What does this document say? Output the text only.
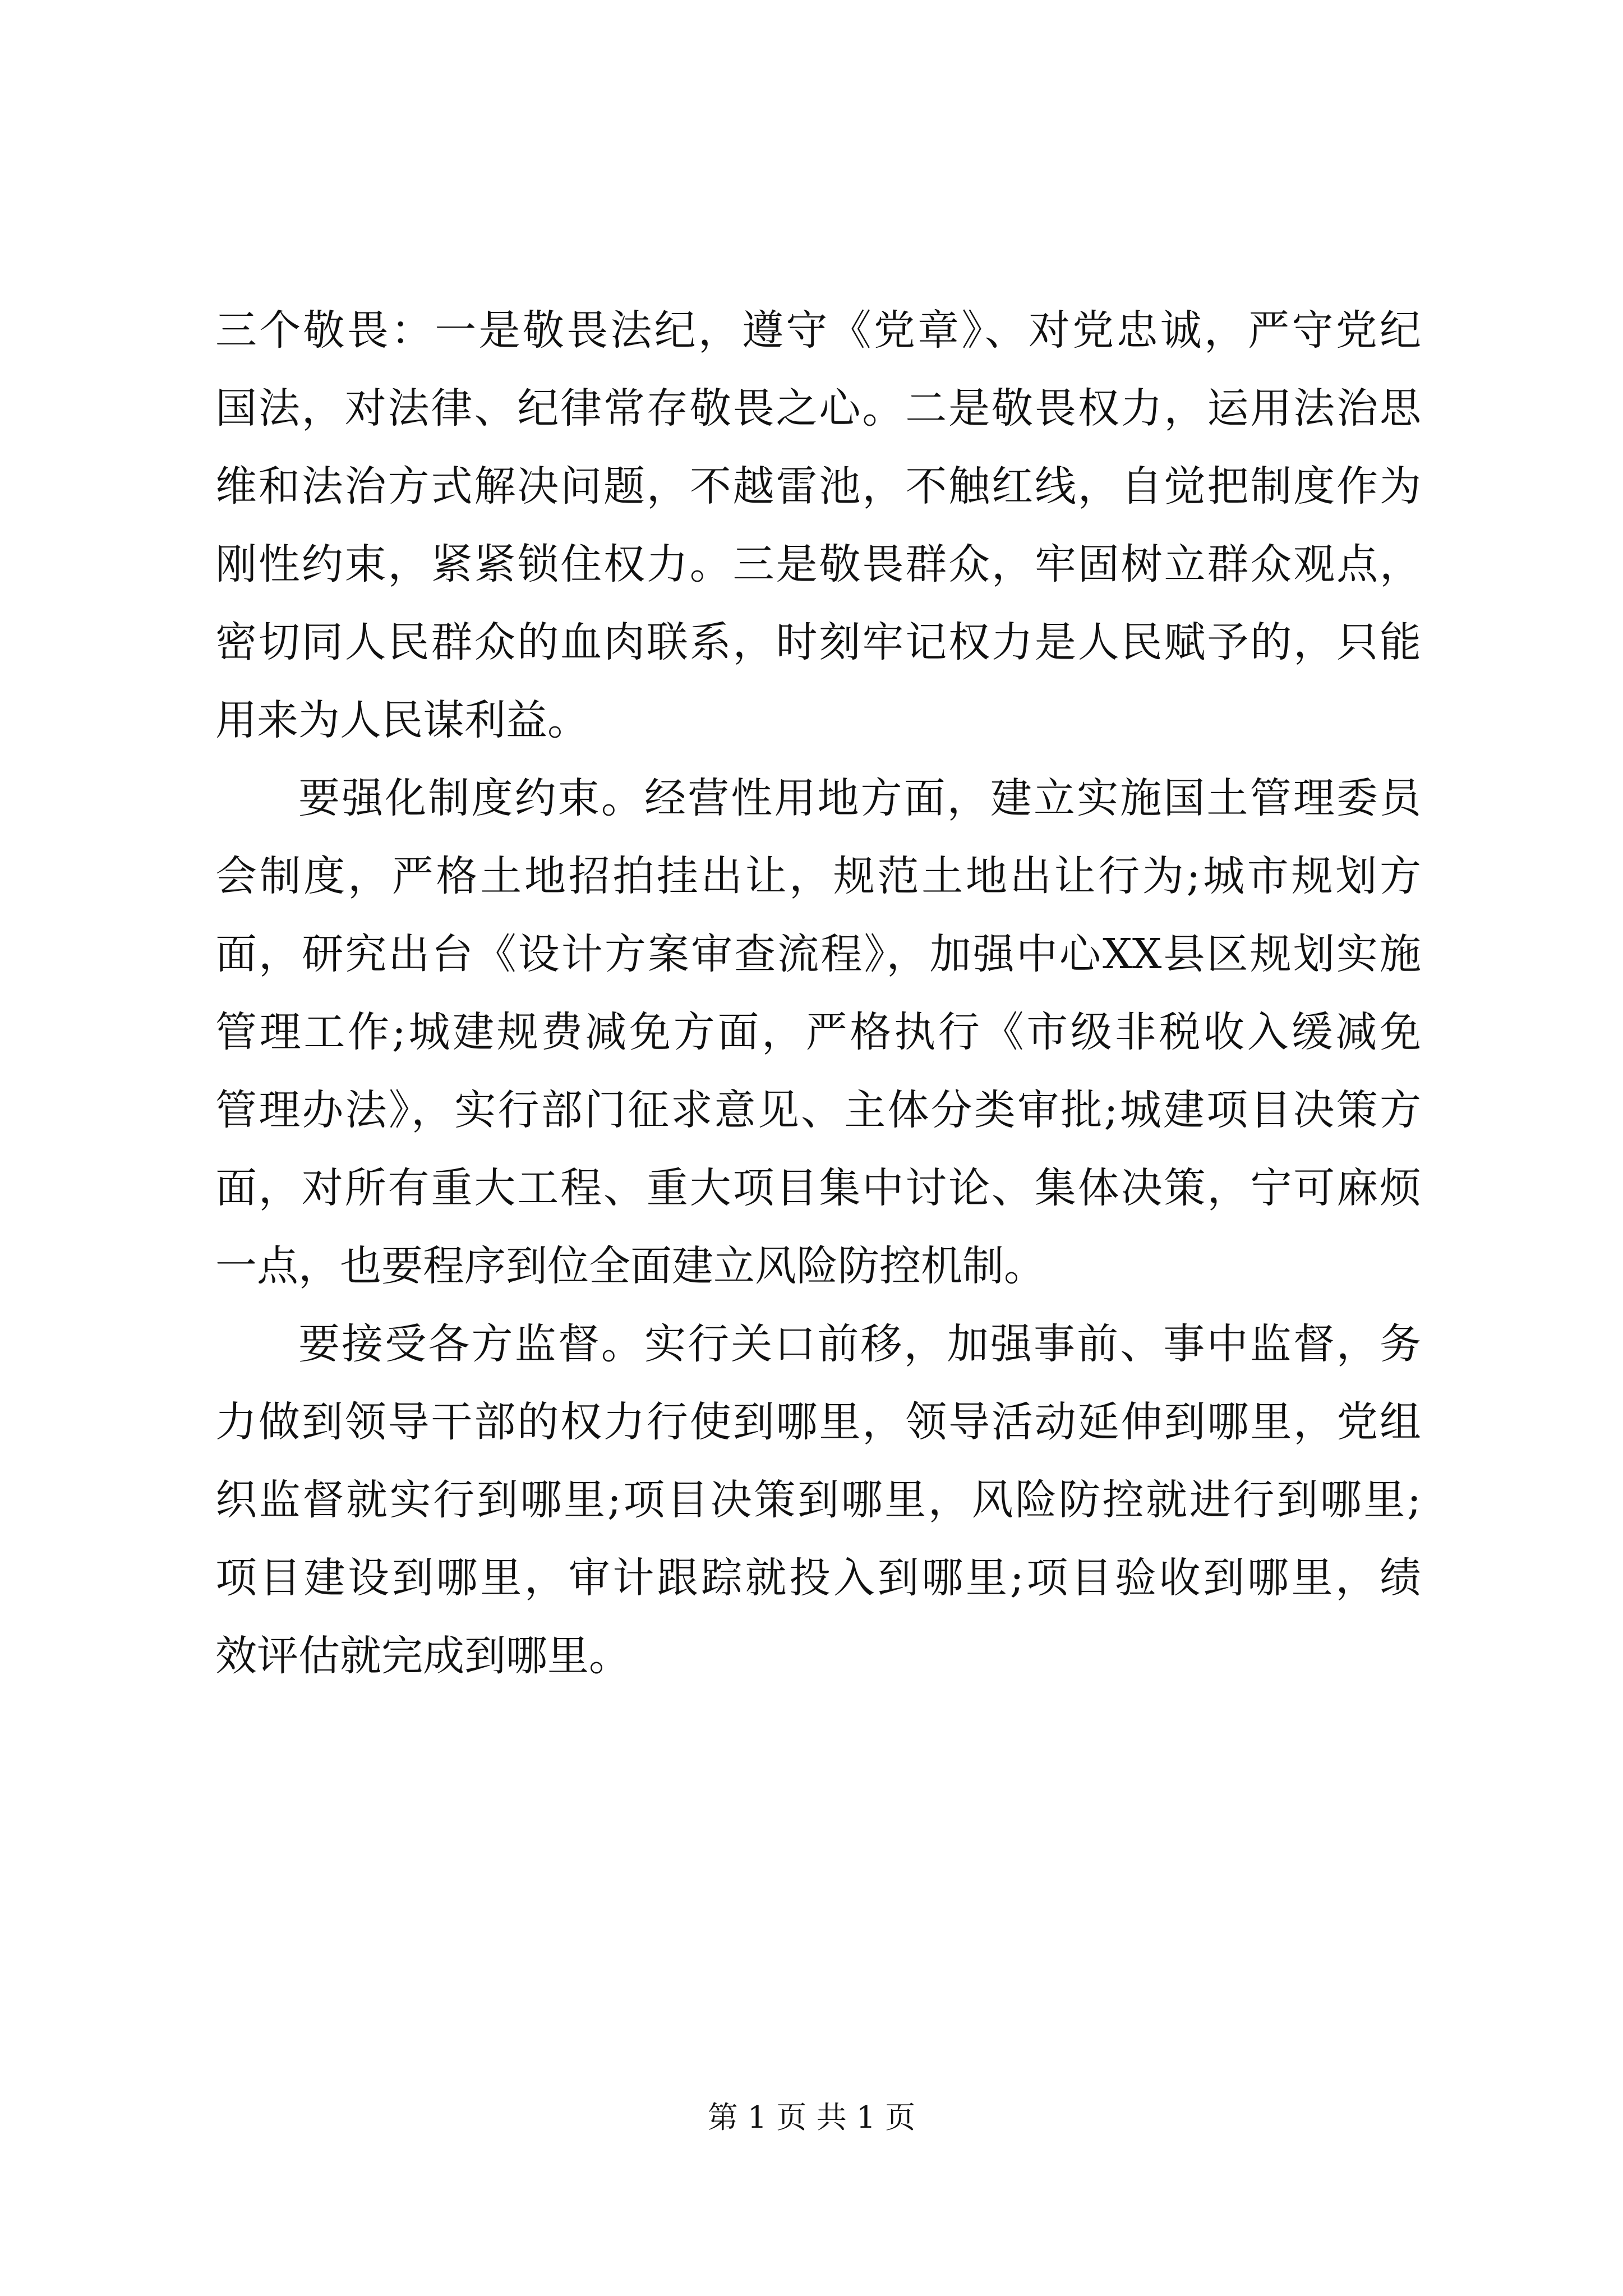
三个敬畏：一是敬畏法纪，遵守《党章》、对党忠诚，严守党纪
国法，对法律、纪律常存敬畏之心。二是敬畏权力，运用法治思
维和法治方式解决问题，不越雷池，不触红线，自觉把制度作为
刚性约束，紧紧锁住权力。三是敬畏群众，牢固树立群众观点，
密切同人民群众的血肉联系，时刻牢记权力是人民赋予的，只能
用来为人民谋利益。
要强化制度约束。经营性用地方面，建立实施国土管理委员
会制度，严格土地招拍挂出让，规范土地出让行为;城市规划方
面，研究出台《设计方案审查流程》，加强中心XX县区规划实施
管理工作;城建规费减免方面，严格执行《市级非税收入缓减免
管理办法》，实行部门征求意见、主体分类审批;城建项目决策方
面，对所有重大工程、重大项目集中讨论、集体决策，宁可麻烦
一点，也要程序到位全面建立风险防控机制。
要接受各方监督。实行关口前移，加强事前、事中监督，务
力做到领导干部的权力行使到哪里，领导活动延伸到哪里，党组
织监督就实行到哪里;项目决策到哪里，风险防控就进行到哪里;
项目建设到哪里，审计跟踪就投入到哪里;项目验收到哪里，绩
效评估就完成到哪里。
第 1 页 共 1 页
